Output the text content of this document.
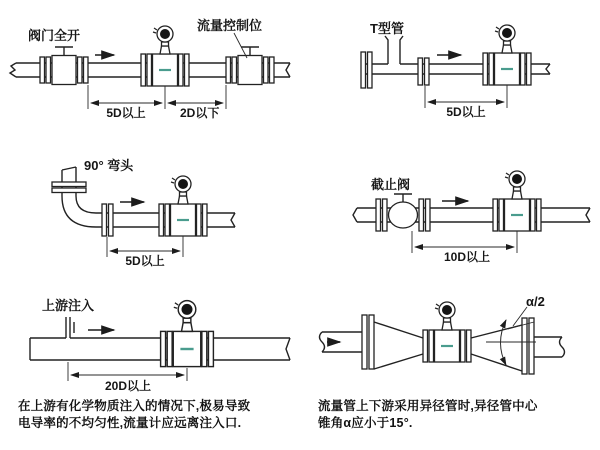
阀门全开
流量控制位
5D以上	2D以下
T型管
5D以上
90° 弯头
5D以上
截止阀
10D以上
上游注入
20D以上
α/2
在上游有化学物质注入的情况下,极易导致
电导率的不均匀性,流量计应远离注入口.
流量管上下游采用异径管时,异径管中心
锥角α应小于15°.
